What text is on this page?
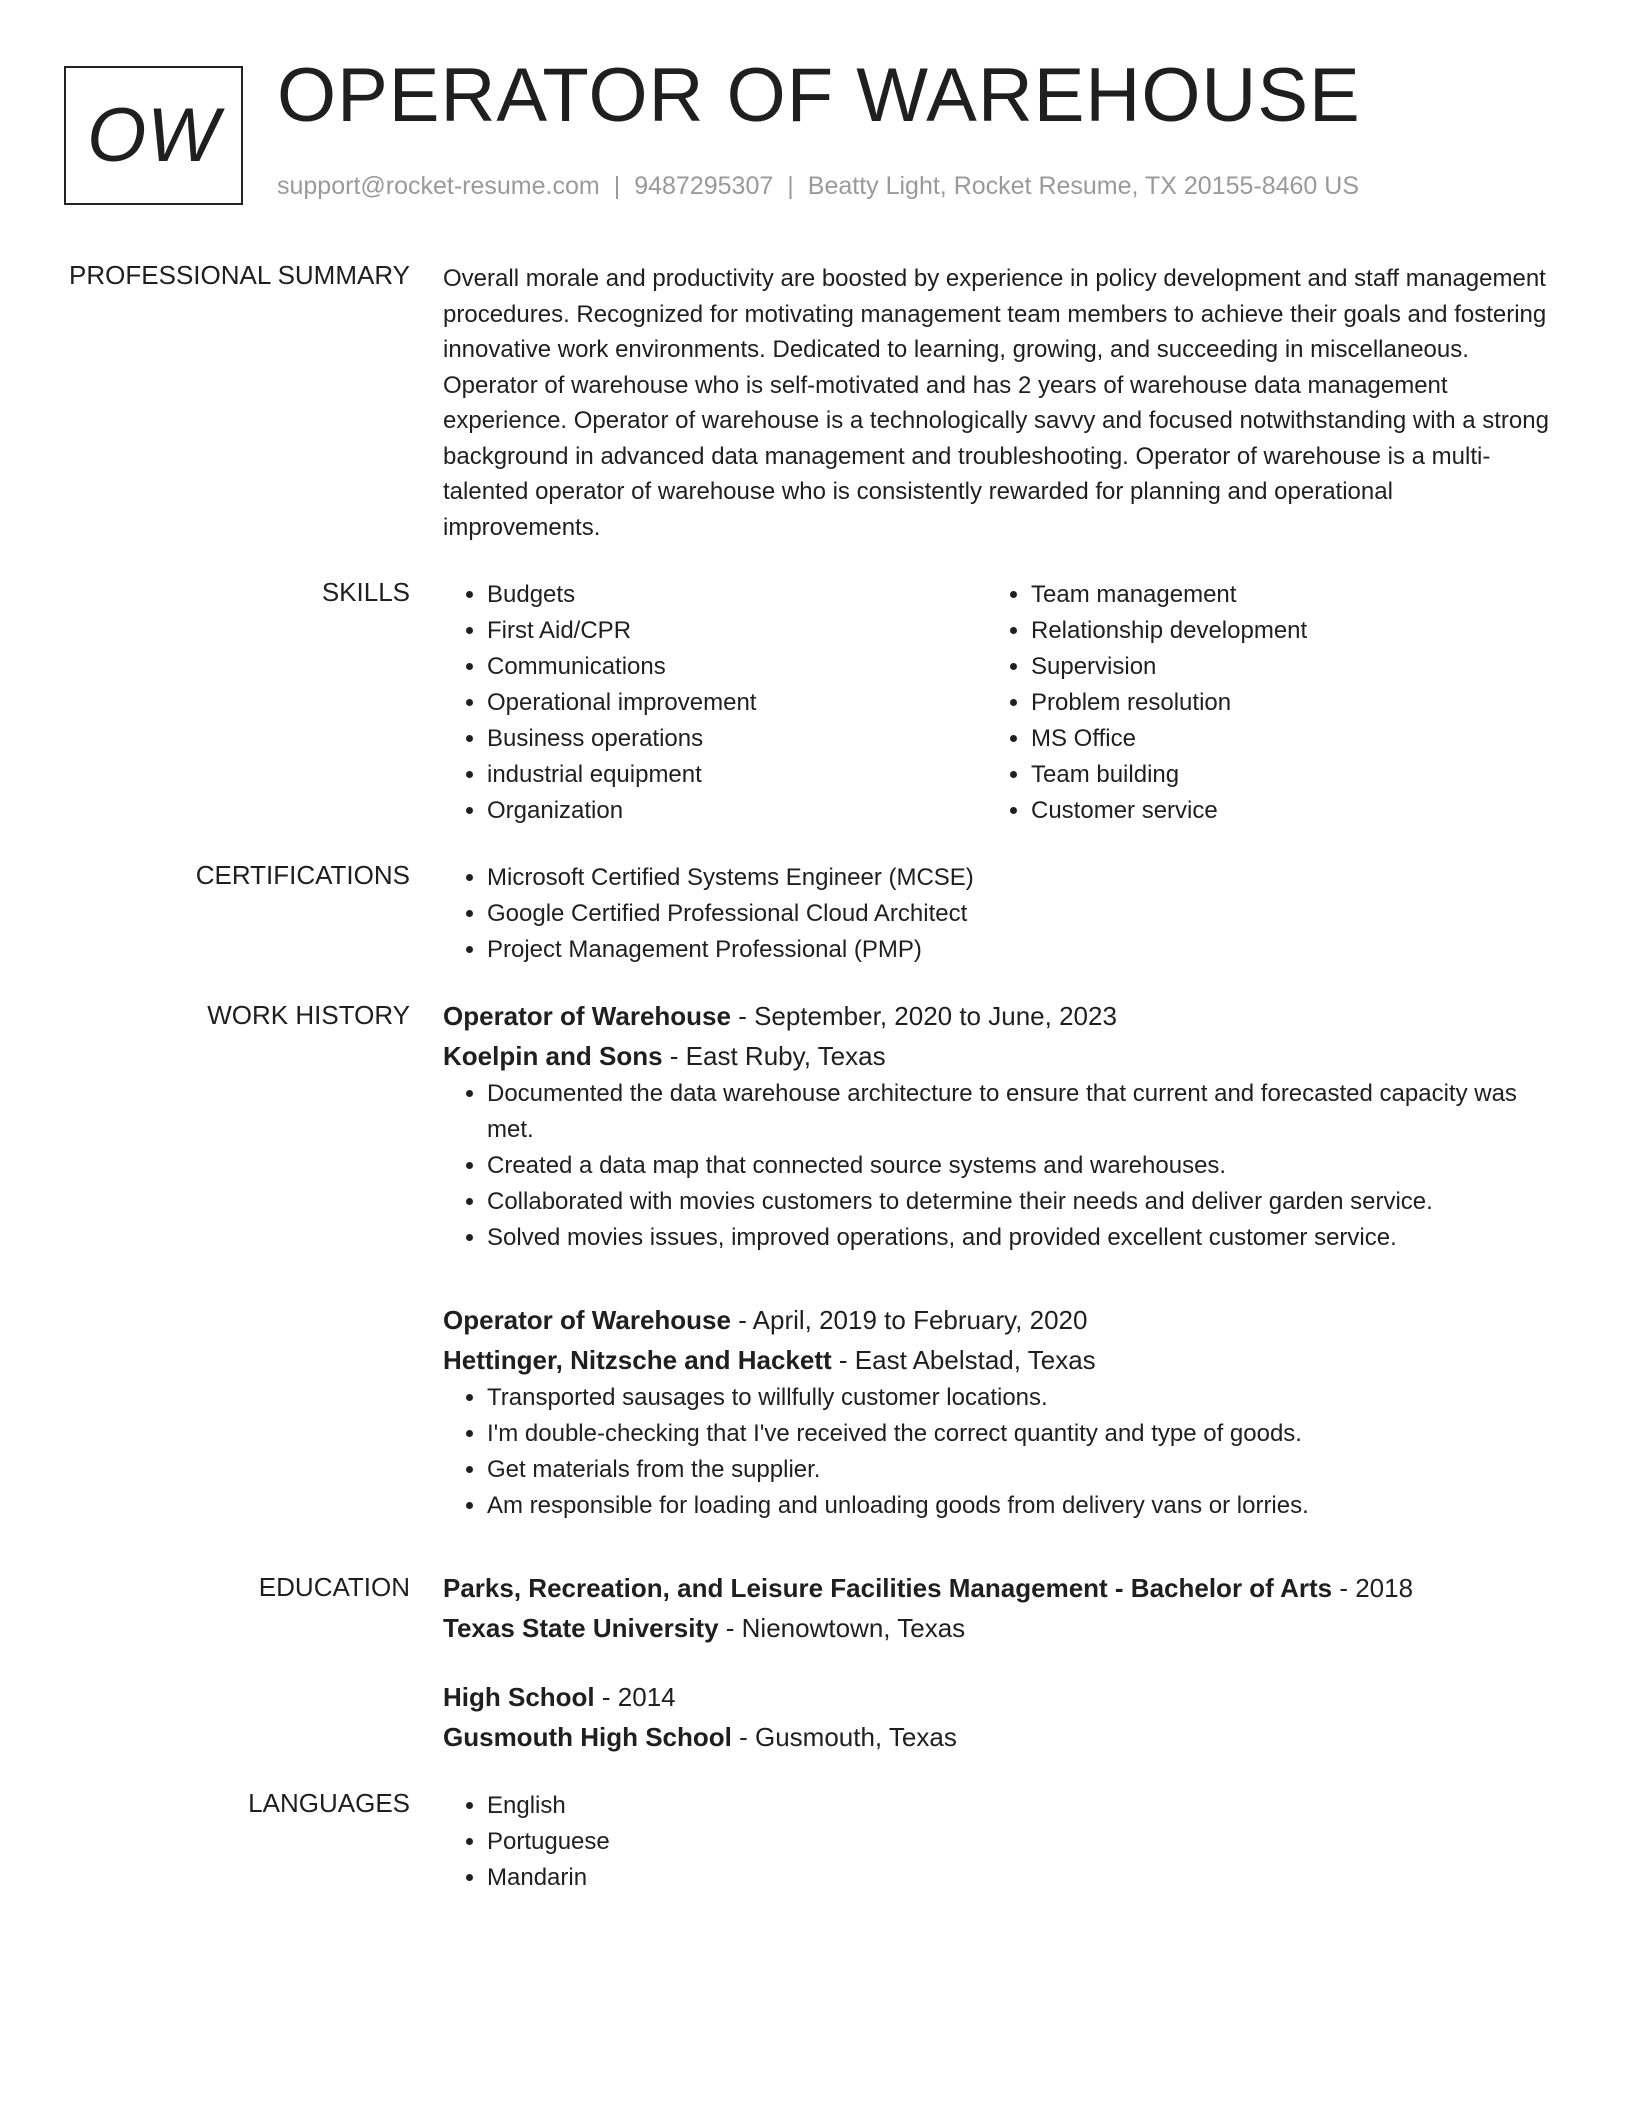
OW OPERATOR OF WAREHOUSE
support@rocket-resume.com | 9487295307 | Beatty Light, Rocket Resume, TX 20155-8460 US
PROFESSIONAL SUMMARY Overall morale and productivity are boosted by experience in policy development and staff management procedures. Recognized for motivating management team members to achieve their goals and fostering innovative work environments. Dedicated to learning, growing, and succeeding in miscellaneous. Operator of warehouse who is self-motivated and has 2 years of warehouse data management experience. Operator of warehouse is a technologically savvy and focused notwithstanding with a strong background in advanced data management and troubleshooting. Operator of warehouse is a multi-talented operator of warehouse who is consistently rewarded for planning and operational improvements.

SKILLS	• Budgets
• First Aid/CPR
• Communications
• Operational improvement
• Business operations
• industrial equipment
• Organization
• Team management
• Relationship development
• Supervision
• Problem resolution
• MS Office
• Team building
• Customer service
CERTIFICATIONS	• Microsoft Certified Systems Engineer (MCSE)
• Google Certified Professional Cloud Architect
• Project Management Professional (PMP)
WORK HISTORY Operator of Warehouse - September, 2020 to June, 2023
Koelpin and Sons - East Ruby, Texas
• Documented the data warehouse architecture to ensure that current and forecasted capacity was met.
• Created a data map that connected source systems and warehouses.
• Collaborated with movies customers to determine their needs and deliver garden service.
• Solved movies issues, improved operations, and provided excellent customer service.
Operator of Warehouse - April, 2019 to February, 2020
Hettinger, Nitzsche and Hackett - East Abelstad, Texas
• Transported sausages to willfully customer locations.
• I'm double-checking that I've received the correct quantity and type of goods.
• Get materials from the supplier.
• Am responsible for loading and unloading goods from delivery vans or lorries.
EDUCATION Parks, Recreation, and Leisure Facilities Management - Bachelor of Arts - 2018
Texas State University - Nienowtown, Texas
High School - 2014
Gusmouth High School - Gusmouth, Texas
LANGUAGES	• English
• Portuguese
• Mandarin
